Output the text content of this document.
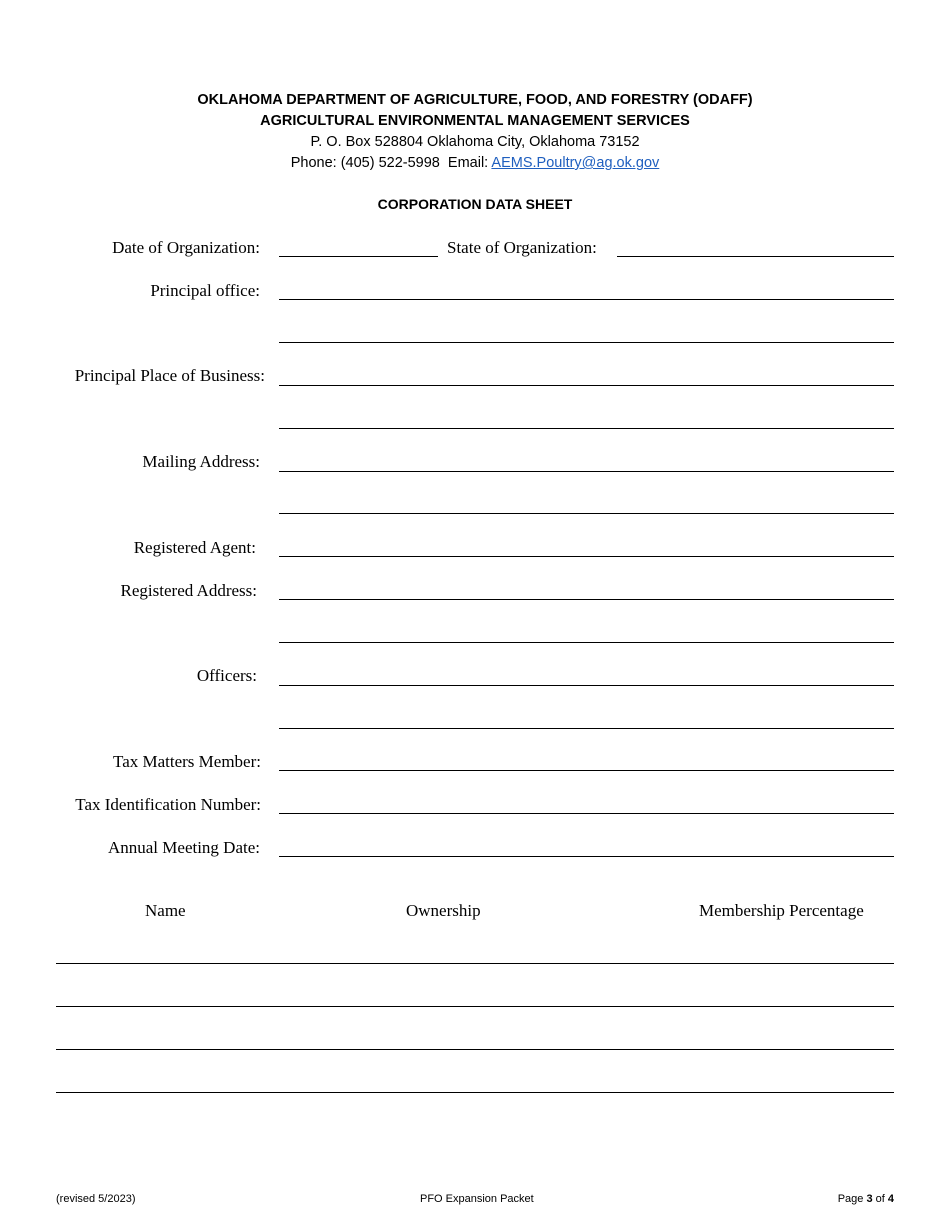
OKLAHOMA DEPARTMENT OF AGRICULTURE, FOOD, AND FORESTRY (ODAFF)
AGRICULTURAL ENVIRONMENTAL MANAGEMENT SERVICES
P. O. Box 528804 Oklahoma City, Oklahoma 73152
Phone: (405) 522-5998  Email: AEMS.Poultry@ag.ok.gov
CORPORATION DATA SHEET
Date of Organization:	State of Organization:
Principal office:
Principal Place of Business:
Mailing Address:
Registered Agent:
Registered Address:
Officers:
Tax Matters Member:
Tax Identification Number:
Annual Meeting Date:
Name	Ownership	Membership Percentage
(revised 5/2023)	PFO Expansion Packet	Page 3 of 4
